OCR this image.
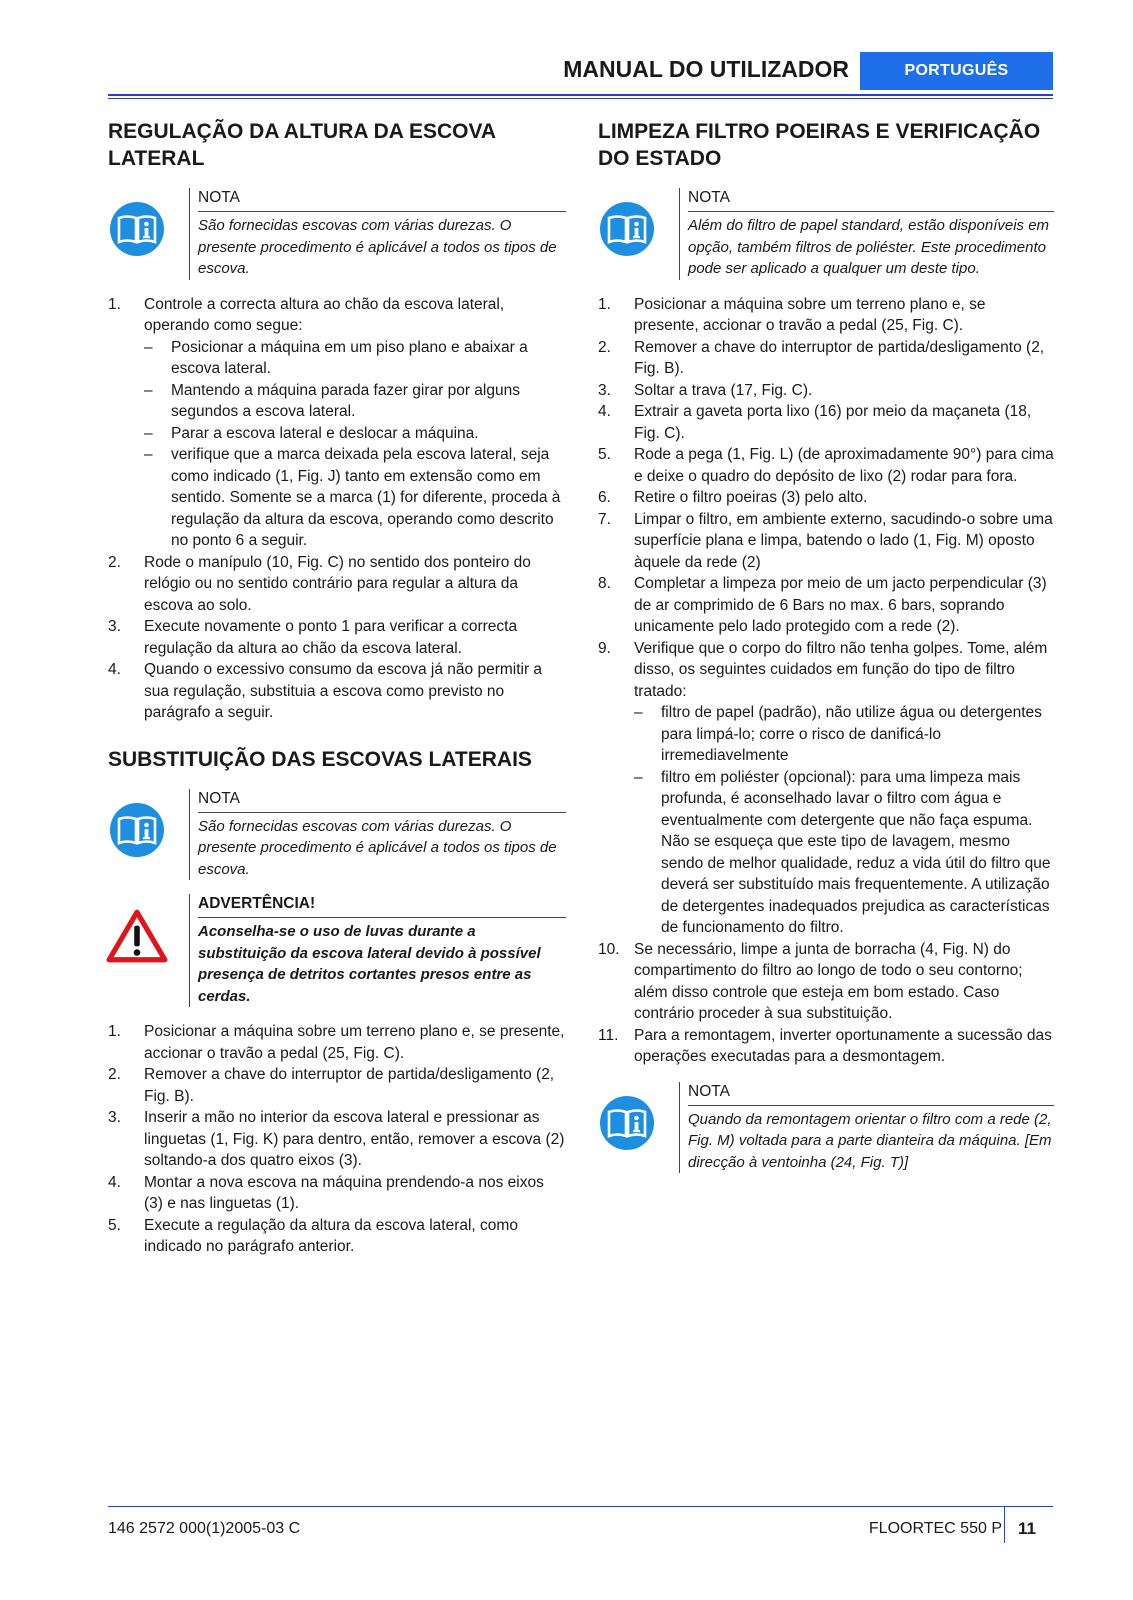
MANUAL DO UTILIZADOR	PORTUGUÊS
REGULAÇÃO DA ALTURA DA ESCOVA LATERAL
NOTA
São fornecidas escovas com várias durezas. O presente procedimento é aplicável a todos os tipos de escova.
1. Controle a correcta altura ao chão da escova lateral, operando como segue:
– Posicionar a máquina em um piso plano e abaixar a escova lateral.
– Mantendo a máquina parada fazer girar por alguns segundos a escova lateral.
– Parar a escova lateral e deslocar a máquina.
– verifique que a marca deixada pela escova lateral, seja como indicado (1, Fig. J) tanto em extensão como em sentido. Somente se a marca (1) for diferente, proceda à regulação da altura da escova, operando como descrito no ponto 6 a seguir.
2. Rode o manípulo (10, Fig. C) no sentido dos ponteiro do relógio ou no sentido contrário para regular a altura da escova ao solo.
3. Execute novamente o ponto 1 para verificar a correcta regulação da altura ao chão da escova lateral.
4. Quando o excessivo consumo da escova já não permitir a sua regulação, substituia a escova como previsto no parágrafo a seguir.
SUBSTITUIÇÃO DAS ESCOVAS LATERAIS
NOTA
São fornecidas escovas com várias durezas. O presente procedimento é aplicável a todos os tipos de escova.
ADVERTÊNCIA!
Aconselha-se o uso de luvas durante a substituição da escova lateral devido à possível presença de detritos cortantes presos entre as cerdas.
1. Posicionar a máquina sobre um terreno plano e, se presente, accionar o travão a pedal (25, Fig. C).
2. Remover a chave do interruptor de partida/desligamento (2, Fig. B).
3. Inserir a mão no interior da escova lateral e pressionar as linguetas (1, Fig. K) para dentro, então, remover a escova (2) soltando-a dos quatro eixos (3).
4. Montar a nova escova na máquina prendendo-a nos eixos (3) e nas linguetas (1).
5. Execute a regulação da altura da escova lateral, como indicado no parágrafo anterior.
LIMPEZA FILTRO POEIRAS E VERIFICAÇÃO DO ESTADO
NOTA
Além do filtro de papel standard, estão disponíveis em opção, também filtros de poliéster. Este procedimento pode ser aplicado a qualquer um deste tipo.
1. Posicionar a máquina sobre um terreno plano e, se presente, accionar o travão a pedal (25, Fig. C).
2. Remover a chave do interruptor de partida/desligamento (2, Fig. B).
3. Soltar a trava (17, Fig. C).
4. Extrair a gaveta porta lixo (16) por meio da maçaneta (18, Fig. C).
5. Rode a pega (1, Fig. L) (de aproximadamente 90°) para cima e deixe o quadro do depósito de lixo (2) rodar para fora.
6. Retire o filtro poeiras (3) pelo alto.
7. Limpar o filtro, em ambiente externo, sacudindo-o sobre uma superfície plana e limpa, batendo o lado (1, Fig. M) oposto àquele da rede (2)
8. Completar a limpeza por meio de um jacto perpendicular (3) de ar comprimido de 6 Bars no max. 6 bars, soprando unicamente pelo lado protegido com a rede (2).
9. Verifique que o corpo do filtro não tenha golpes. Tome, além disso, os seguintes cuidados em função do tipo de filtro tratado:
– filtro de papel (padrão), não utilize água ou detergentes para limpá-lo; corre o risco de danificá-lo irremediavelmente
– filtro em poliéster (opcional): para uma limpeza mais profunda, é aconselhado lavar o filtro com água e eventualmente com detergente que não faça espuma. Não se esqueça que este tipo de lavagem, mesmo sendo de melhor qualidade, reduz a vida útil do filtro que deverá ser substituído mais frequentemente. A utilização de detergentes inadequados prejudica as características de funcionamento do filtro.
10. Se necessário, limpe a junta de borracha (4, Fig. N) do compartimento do filtro ao longo de todo o seu contorno; além disso controle que esteja em bom estado. Caso contrário proceder à sua substituição.
11. Para a remontagem, inverter oportunamente a sucessão das operações executadas para a desmontagem.
NOTA
Quando da remontagem orientar o filtro com a rede (2, Fig. M) voltada para a parte dianteira da máquina. [Em direcção à ventoinha (24, Fig. T)]
146 2572 000(1)2005-03 C	FLOORTEC 550 P 11
